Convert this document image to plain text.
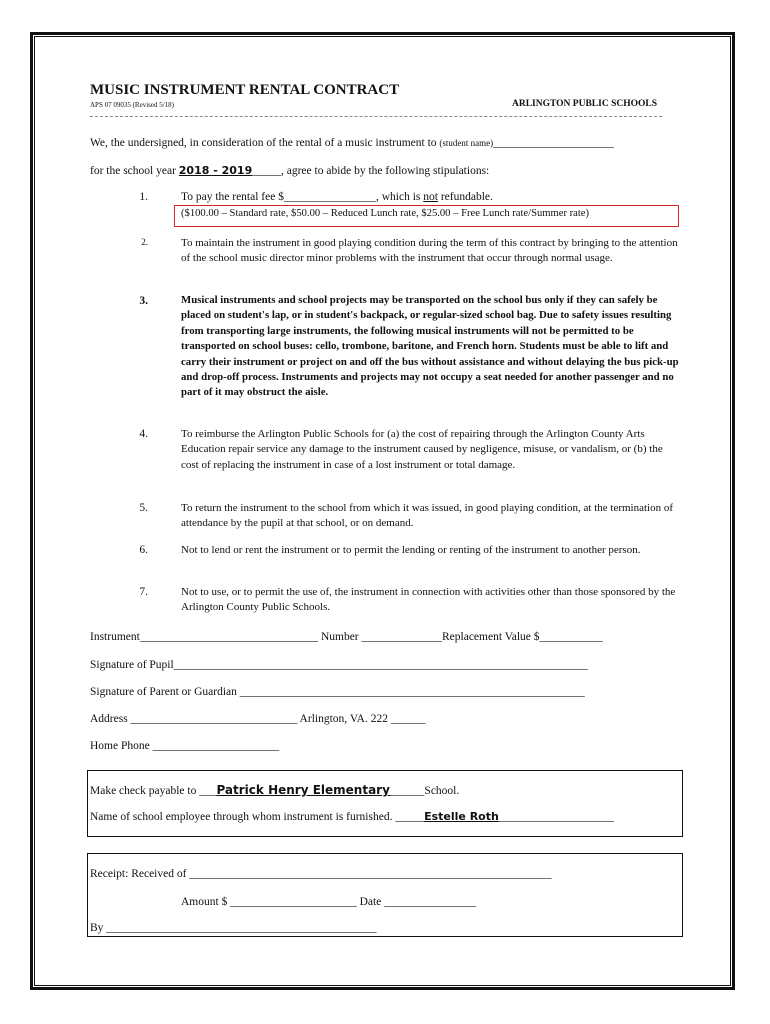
MUSIC INSTRUMENT RENTAL CONTRACT
APS 07 09035 (Revised 5/18)	ARLINGTON PUBLIC SCHOOLS
We, the undersigned, in consideration of the rental of a music instrument to (student name)_____________________
for the school year 2018 - 2019_____, agree to abide by the following stipulations:
1.	To pay the rental fee $________________, which is not refundable.
($100.00 – Standard rate, $50.00 – Reduced Lunch rate, $25.00 – Free Lunch rate/Summer rate)
2.	To maintain the instrument in good playing condition during the term of this contract by bringing to the attention of the school music director minor problems with the instrument that occur through normal usage.
3.	Musical instruments and school projects may be transported on the school bus only if they can safely be placed on student's lap, or in student's backpack, or regular-sized school bag. Due to safety issues resulting from transporting large instruments, the following musical instruments will not be permitted to be transported on school buses: cello, trombone, baritone, and French horn. Students must be able to lift and carry their instrument or project on and off the bus without assistance and without delaying the bus pick-up and drop-off process. Instruments and projects may not occupy a seat needed for another passenger and no part of it may obstruct the aisle.
4.	To reimburse the Arlington Public Schools for (a) the cost of repairing through the Arlington County Arts Education repair service any damage to the instrument caused by negligence, misuse, or vandalism, or (b) the cost of replacing the instrument in case of a lost instrument or total damage.
5.	To return the instrument to the school from which it was issued, in good playing condition, at the termination of attendance by the pupil at that school, or on demand.
6.	Not to lend or rent the instrument or to permit the lending or renting of the instrument to another person.
7.	Not to use, or to permit the use of, the instrument in connection with activities other than those sponsored by the Arlington County Public Schools.
Instrument_______________________________ Number ______________Replacement Value $___________
Signature of Pupil________________________________________________________________________
Signature of Parent or Guardian ____________________________________________________________
Address _____________________________ Arlington, VA. 222 ______
Home Phone ______________________
Make check payable to ___Patrick Henry Elementary______School.
Name of school employee through whom instrument is furnished. _____Estelle Roth____________________
Receipt: Received of _______________________________________________________________
Amount $ ______________________ Date ________________
By _______________________________________________
